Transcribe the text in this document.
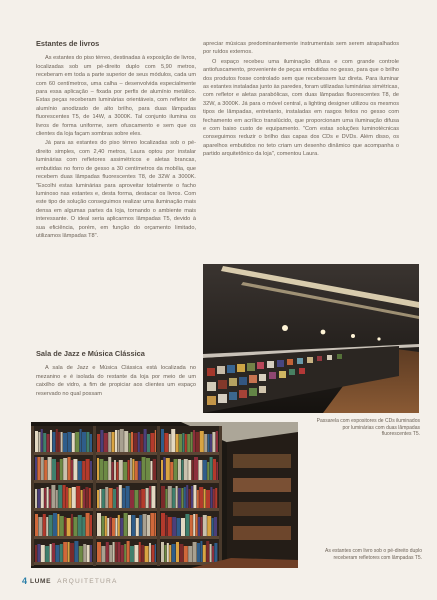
Estantes de livros

As estantes do piso térreo, destinadas à exposição de livros, localizadas sob um pé-direito duplo com 5,90 metros, receberam em toda a parte superior de seus módulos, cada um com 60 centímetros, uma calha – desenvolvida especialmente para essa aplicação – fixada por perfis de alumínio metálico. Estas peças receberam luminárias orientáveis, com refletor de alumínio anodizado de alto brilho, para duas lâmpadas fluorescentes T5, de 14W, a 3000K. Tal conjunto ilumina os livros de forma uniforme, sem ofuscamento e sem que os clientes da loja façam sombras sobre eles.

Já para as estantes do piso térreo localizadas sob o pé-direito simples, com 2,40 metros, Laura optou por instalar luminárias com refletores assimétricos e aletas brancas, embutidas no forro de gesso a 30 centímetros da mobília, que recebem duas lâmpadas fluorescentes T8, de 32W a 3000K. "Escolhi estas luminárias para aproveitar totalmente o facho luminoso nas estantes e, desta forma, destacar os livros. Com este tipo de solução conseguimos realizar uma iluminação mais densa em algumas partes da loja, tornando o ambiente mais interessante. O ideal seria aplicarmos lâmpadas T5, devido à sua eficiência, porém, em função do orçamento limitado, utilizamos lâmpadas T8".

Sala de Jazz e Música Clássica

A sala de Jazz e Música Clássica está localizada no mezanino e é isolada do restante da loja por meio de um caixilho de vidro, a fim de propiciar aos clientes um espaço reservado no qual possam

apreciar músicas predominantemente instrumentais sem serem atrapalhados por ruídos externos.

O espaço recebeu uma iluminação difusa e com grande controle antiofuscamento, proveniente de peças embutidas no gesso, para que o brilho dos produtos fosse controlado sem que recebessem luz direta. Para iluminar as estantes instaladas junto às paredes, foram utilizadas luminárias simétricas, com refletor e aletas parabólicas, com duas lâmpadas fluorescentes T8, de 32W, a 3000K. Já para o móvel central, a lighting designer utilizou os mesmos tipos de lâmpadas, entretanto, instaladas em rasgos feitos no gesso com fechamento em acrílico translúcido, que proporcionam uma iluminação difusa e com baixo custo de equipamento. "Com estas soluções luminotécnicas conseguimos reduzir o brilho das capas dos CDs e DVDs. Além disso, os aparelhos embutidos no teto criam um desenho dinâmico que acompanha o partido arquitetônico da loja", comentou Laura.

Passarela com expositores de CDs iluminados por luminárias com duas lâmpadas fluorescentes T5.
As estantes com livro sob o pé-direito duplo receberam refletores com lâmpadas T5.
4 LUME ARQUITETURA
